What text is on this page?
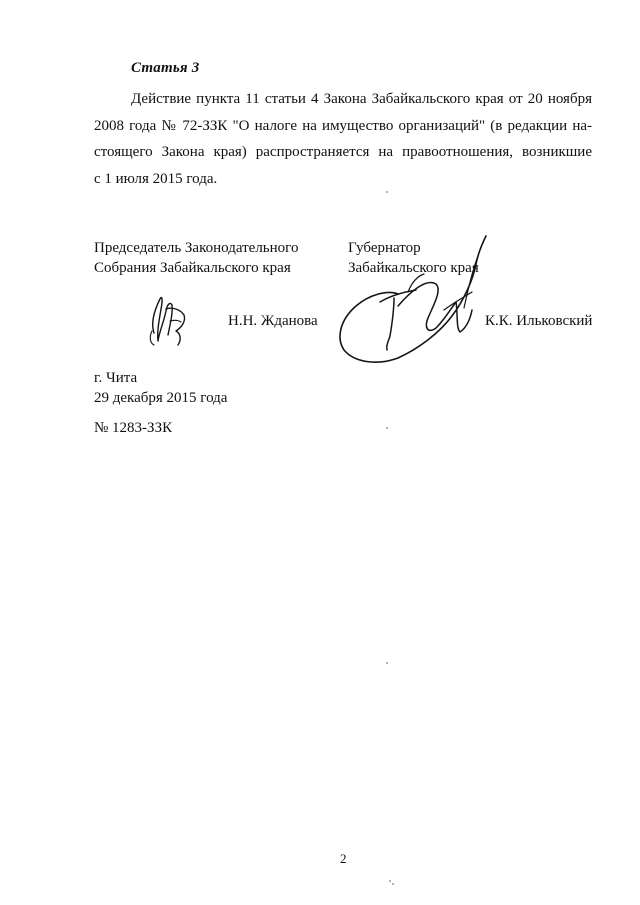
Статья 3
Действие пункта 11 статьи 4 Закона Забайкальского края от 20 ноября
2008 года № 72-ЗЗК "О налоге на имущество организаций" (в редакции на-
стоящего Закона края) распространяется на правоотношения, возникшие
с 1 июля 2015 года.
Председатель Законодательного
Собрания Забайкальского края
Губернатор
Забайкальского края
Н.Н. Жданова	К.К. Ильковский
г. Чита
29 декабря 2015 года
№ 1283-ЗЗК
2
